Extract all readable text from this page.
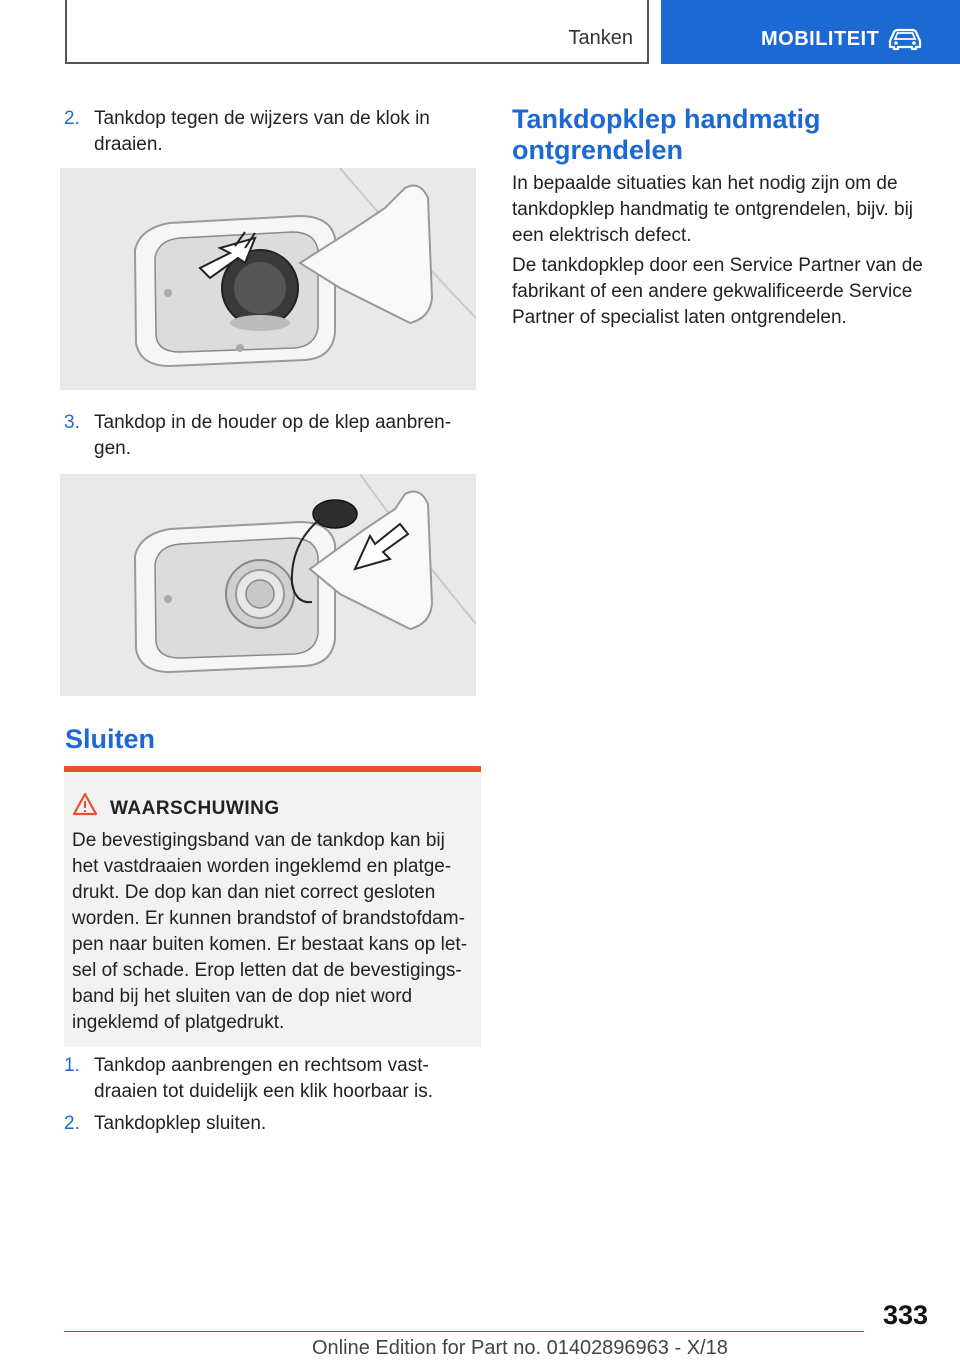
Tanken	MOBILITEIT
2. Tankdop tegen de wijzers van de klok in draaien.
3. Tankdop in de houder op de klep aanbren-gen.
Sluiten
WAARSCHUWING

De bevestigingsband van de tankdop kan bij het vastdraaien worden ingeklemd en platge-drukt. De dop kan dan niet correct gesloten worden. Er kunnen brandstof of brandstofdam-pen naar buiten komen. Er bestaat kans op let-sel of schade. Erop letten dat de bevestigings-band bij het sluiten van de dop niet word ingeklemd of platgedrukt.

1. Tankdop aanbrengen en rechtsom vast-draaien tot duidelijk een klik hoorbaar is.
2. Tankdopklep sluiten.
Tankdopklep handmatig ontgrendelen

In bepaalde situaties kan het nodig zijn om de tankdopklep handmatig te ontgrendelen, bijv. bij een elektrisch defect.

De tankdopklep door een Service Partner van de fabrikant of een andere gekwalificeerde Service Partner of specialist laten ontgrendelen.

333
Online Edition for Part no. 01402896963 - X/18
